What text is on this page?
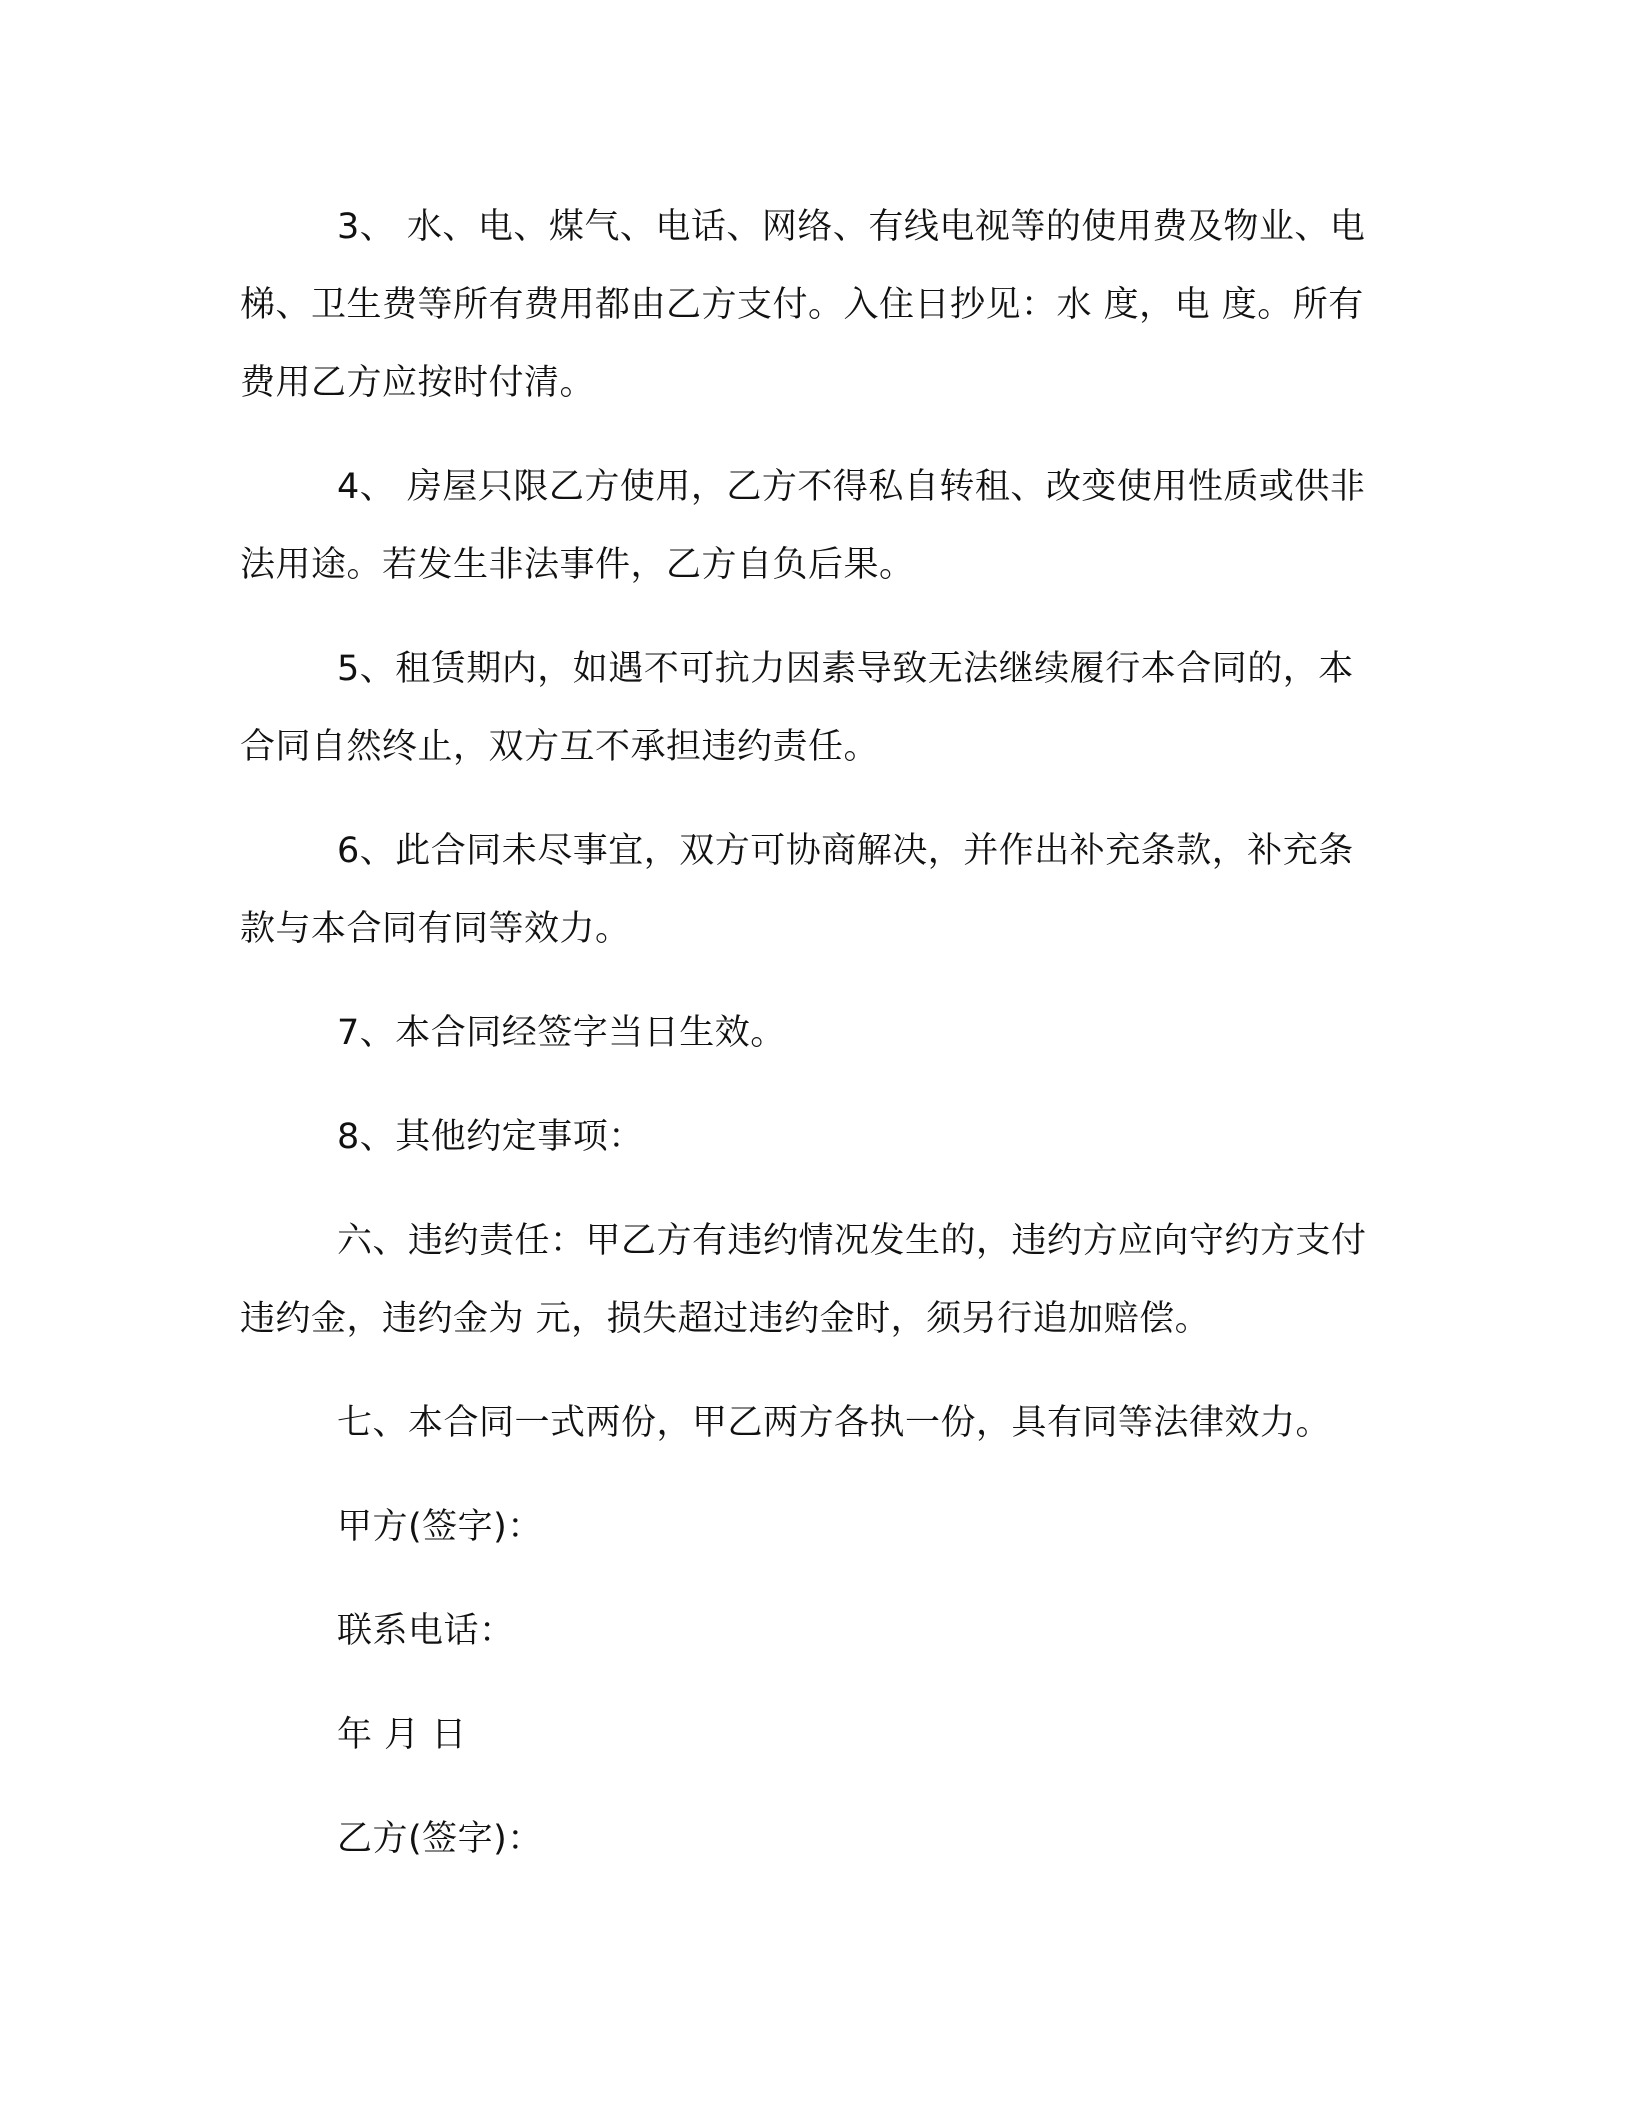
3、 水、电、煤气、电话、网络、有线电视等的使用费及物业、电梯、卫生费等所有费用都由乙方支付。入住日抄见：水 度，电 度。所有费用乙方应按时付清。

4、 房屋只限乙方使用，乙方不得私自转租、改变使用性质或供非法用途。若发生非法事件，乙方自负后果。

5、租赁期内，如遇不可抗力因素导致无法继续履行本合同的，本合同自然终止，双方互不承担违约责任。

6、此合同未尽事宜，双方可协商解决，并作出补充条款，补充条款与本合同有同等效力。

7、本合同经签字当日生效。

8、其他约定事项：

六、违约责任：甲乙方有违约情况发生的，违约方应向守约方支付违约金，违约金为 元，损失超过违约金时，须另行追加赔偿。

七、本合同一式两份，甲乙两方各执一份，具有同等法律效力。

甲方(签字)：

联系电话：

年 月 日

乙方(签字)：
